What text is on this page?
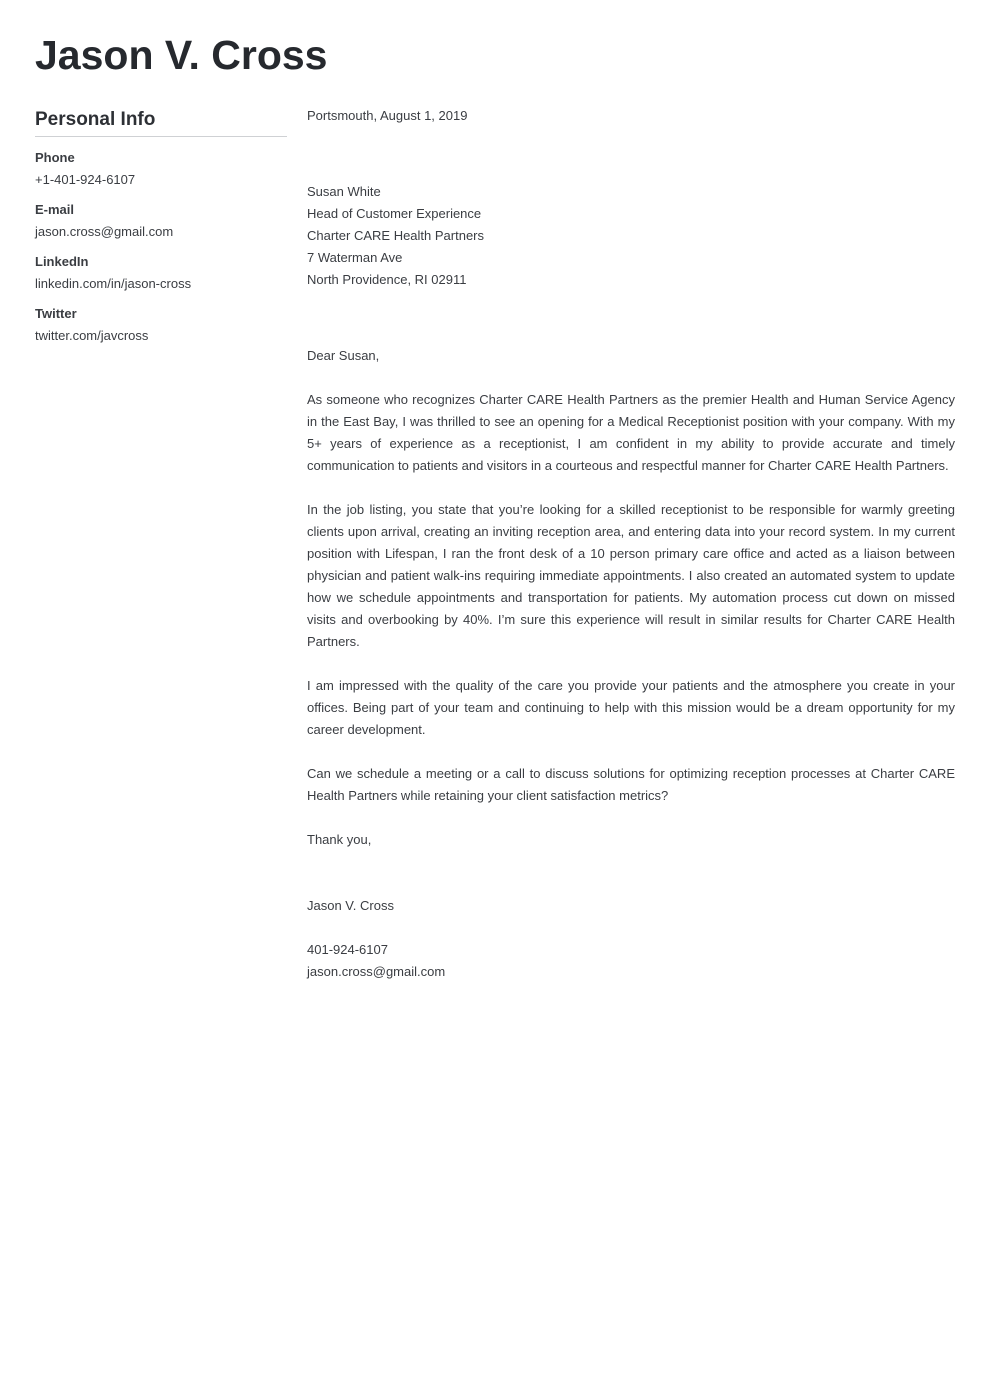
Jason V. Cross
Personal Info
Phone
+1-401-924-6107
E-mail
jason.cross@gmail.com
LinkedIn
linkedin.com/in/jason-cross
Twitter
twitter.com/javcross

Portsmouth, August 1, 2019

Susan White

Head of Customer Experience

Charter CARE Health Partners

7 Waterman Ave

North Providence, RI 02911

Dear Susan,

As someone who recognizes Charter CARE Health Partners as the premier Health and Human Service Agency in the East Bay, I was thrilled to see an opening for a Medical Receptionist position with your company. With my 5+ years of experience as a receptionist, I am confident in my ability to provide accurate and timely communication to patients and visitors in a courteous and respectful manner for Charter CARE Health Partners.

In the job listing, you state that you’re looking for a skilled receptionist to be responsible for warmly greeting clients upon arrival, creating an inviting reception area, and entering data into your record system. In my current position with Lifespan, I ran the front desk of a 10 person primary care office and acted as a liaison between physician and patient walk-ins requiring immediate appointments. I also created an automated system to update how we schedule appointments and transportation for patients. My automation process cut down on missed visits and overbooking by 40%. I’m sure this experience will result in similar results for Charter CARE Health Partners.

I am impressed with the quality of the care you provide your patients and the atmosphere you create in your offices. Being part of your team and continuing to help with this mission would be a dream opportunity for my career development.

Can we schedule a meeting or a call to discuss solutions for optimizing reception processes at Charter CARE Health Partners while retaining your client satisfaction metrics?

Thank you,

Jason V. Cross

401-924-6107

jason.cross@gmail.com
